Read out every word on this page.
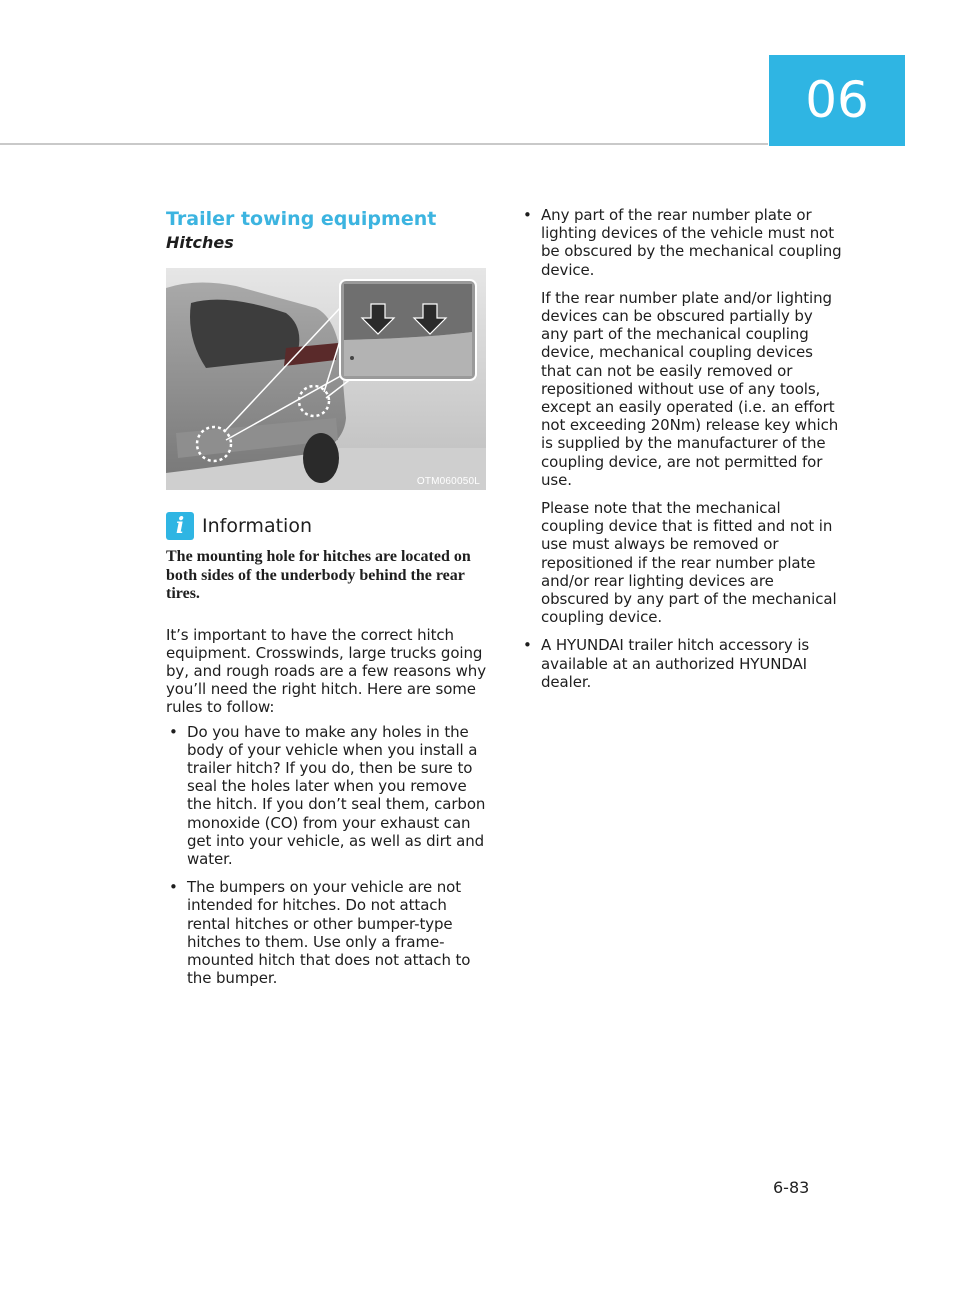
06
Trailer towing equipment
Hitches
OTM060050L
i Information

The mounting hole for hitches are located on both sides of the underbody behind the rear tires.

It’s important to have the correct hitch equipment. Crosswinds, large trucks going by, and rough roads are a few reasons why you’ll need the right hitch. Here are some rules to follow:

• Do you have to make any holes in the body of your vehicle when you install a trailer hitch? If you do, then be sure to seal the holes later when you remove the hitch. If you don’t seal them, carbon monoxide (CO) from your exhaust can get into your vehicle, as well as dirt and water.

• The bumpers on your vehicle are not intended for hitches. Do not attach rental hitches or other bumper-type hitches to them. Use only a frame-mounted hitch that does not attach to the bumper.

• Any part of the rear number plate or lighting devices of the vehicle must not be obscured by the mechanical coupling device.

If the rear number plate and/or lighting devices can be obscured partially by any part of the mechanical coupling device, mechanical coupling devices that can not be easily removed or repositioned without use of any tools, except an easily operated (i.e. an effort not exceeding 20Nm) release key which is supplied by the manufacturer of the coupling device, are not permitted for use.

Please note that the mechanical coupling device that is fitted and not in use must always be removed or repositioned if the rear number plate and/or rear lighting devices are obscured by any part of the mechanical coupling device.

• A HYUNDAI trailer hitch accessory is available at an authorized HYUNDAI dealer.

6-83
